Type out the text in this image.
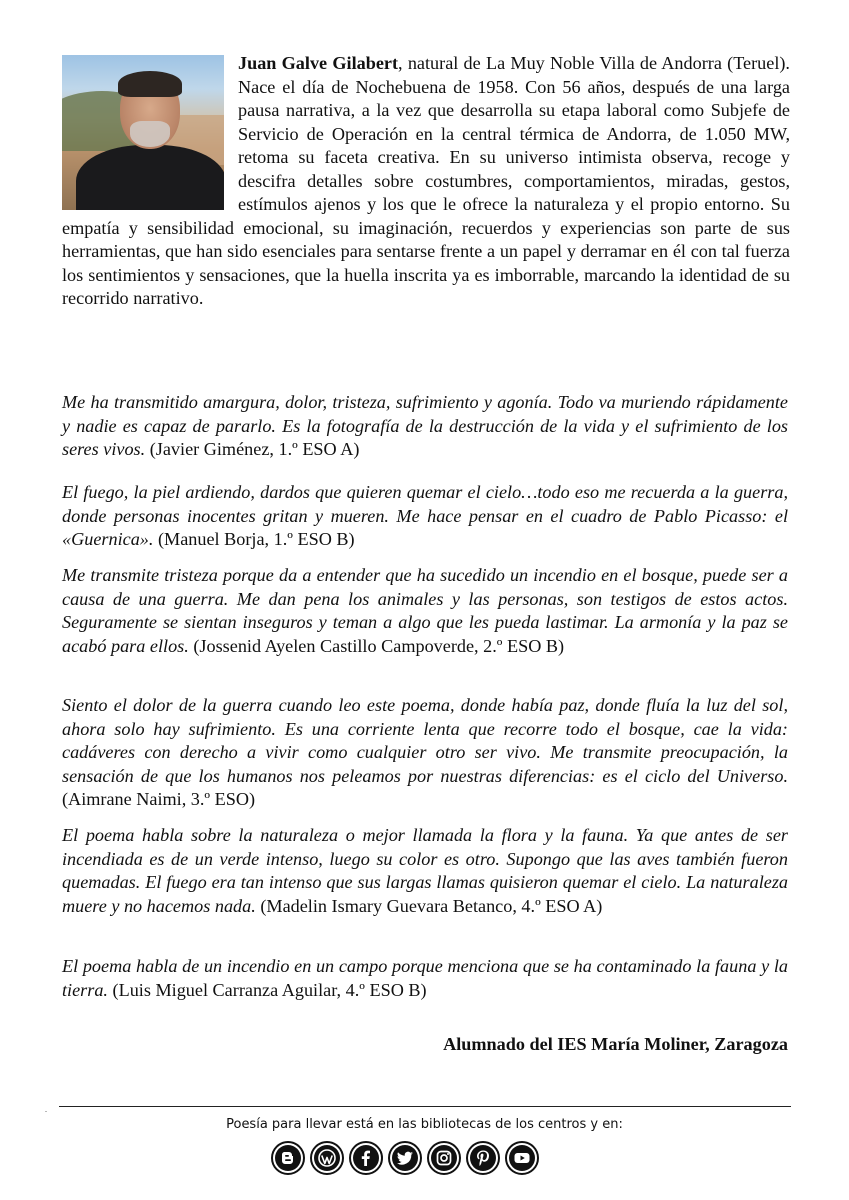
Juan Galve Gilabert, natural de La Muy Noble Villa de Andorra (Teruel). Nace el día de Nochebuena de 1958. Con 56 años, después de una larga pausa narrativa, a la vez que desarrolla su etapa laboral como Subjefe de Servicio de Operación en la central térmica de Andorra, de 1.050 MW, retoma su faceta creativa. En su universo intimista observa, recoge y descifra detalles sobre costumbres, comportamientos, miradas, gestos, estímulos ajenos y los que le ofrece la naturaleza y el propio entorno. Su empatía y sensibilidad emocional, su imaginación, recuerdos y experiencias son parte de sus herramientas, que han sido esenciales para sentarse frente a un papel y derramar en él con tal fuerza los sentimientos y sensaciones, que la huella inscrita ya es imborrable, marcando la identidad de su recorrido narrativo.

Me ha transmitido amargura, dolor, tristeza, sufrimiento y agonía. Todo va muriendo rápidamente y nadie es capaz de pararlo. Es la fotografía de la destrucción de la vida y el sufrimiento de los seres vivos. (Javier Giménez, 1.º ESO A)

El fuego, la piel ardiendo, dardos que quieren quemar el cielo…todo eso me recuerda a la guerra, donde personas inocentes gritan y mueren. Me hace pensar en el cuadro de Pablo Picasso: el «Guernica». (Manuel Borja, 1.º ESO B)

Me transmite tristeza porque da a entender que ha sucedido un incendio en el bosque, puede ser a causa de una guerra. Me dan pena los animales y las personas, son testigos de estos actos. Seguramente se sientan inseguros y teman a algo que les pueda lastimar. La armonía y la paz se acabó para ellos. (Jossenid Ayelen Castillo Campoverde, 2.º ESO B)

Siento el dolor de la guerra cuando leo este poema, donde había paz, donde fluía la luz del sol, ahora solo hay sufrimiento. Es una corriente lenta que recorre todo el bosque, cae la vida: cadáveres con derecho a vivir como cualquier otro ser vivo. Me transmite preocupación, la sensación de que los humanos nos peleamos por nuestras diferencias: es el ciclo del Universo. (Aimrane Naimi, 3.º ESO)

El poema habla sobre la naturaleza o mejor llamada la flora y la fauna. Ya que antes de ser incendiada es de un verde intenso, luego su color es otro. Supongo que las aves también fueron quemadas. El fuego era tan intenso que sus largas llamas quisieron quemar el cielo. La naturaleza muere y no hacemos nada. (Madelin Ismary Guevara Betanco, 4.º ESO A)

El poema habla de un incendio en un campo porque menciona que se ha contaminado la fauna y la tierra. (Luis Miguel Carranza Aguilar, 4.º ESO B)

Alumnado del IES María Moliner, Zaragoza
.
Poesía para llevar está en las bibliotecas de los centros y en:
